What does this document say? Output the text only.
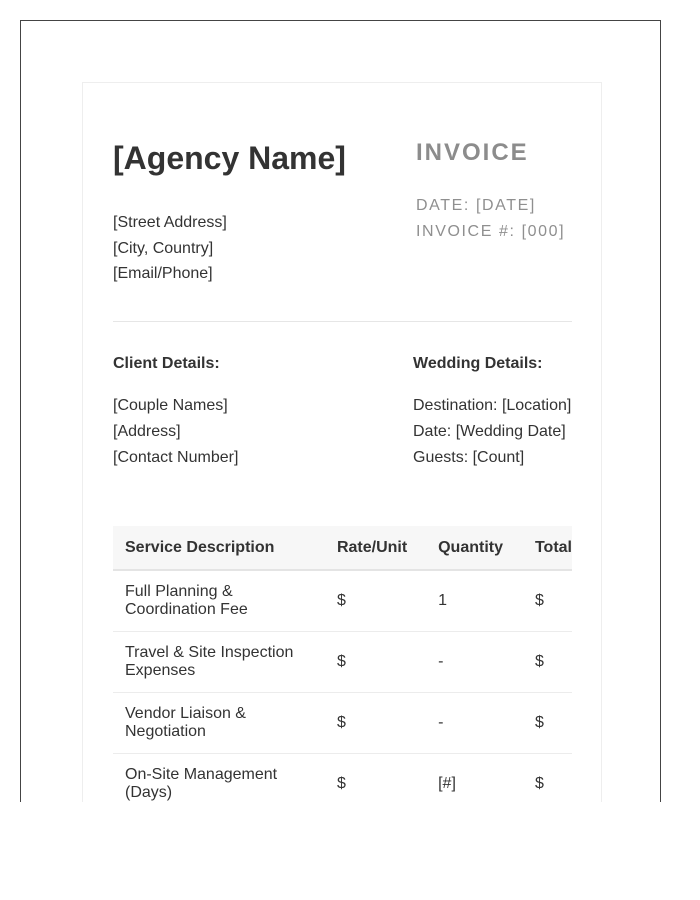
[Agency Name]
[Street Address]
[City, Country]
[Email/Phone]
INVOICE
DATE: [DATE]
INVOICE #: [000]
Client Details:
[Couple Names]
[Address]
[Contact Number]
Wedding Details:
Destination: [Location]
Date: [Wedding Date]
Guests: [Count]
Service Description	Rate/Unit	Quantity	Total
Full Planning & Coordination Fee	$	1	$
Travel & Site Inspection Expenses	$	-	$
Vendor Liaison & Negotiation	$	-	$
On-Site Management (Days)	$	[#]	$
